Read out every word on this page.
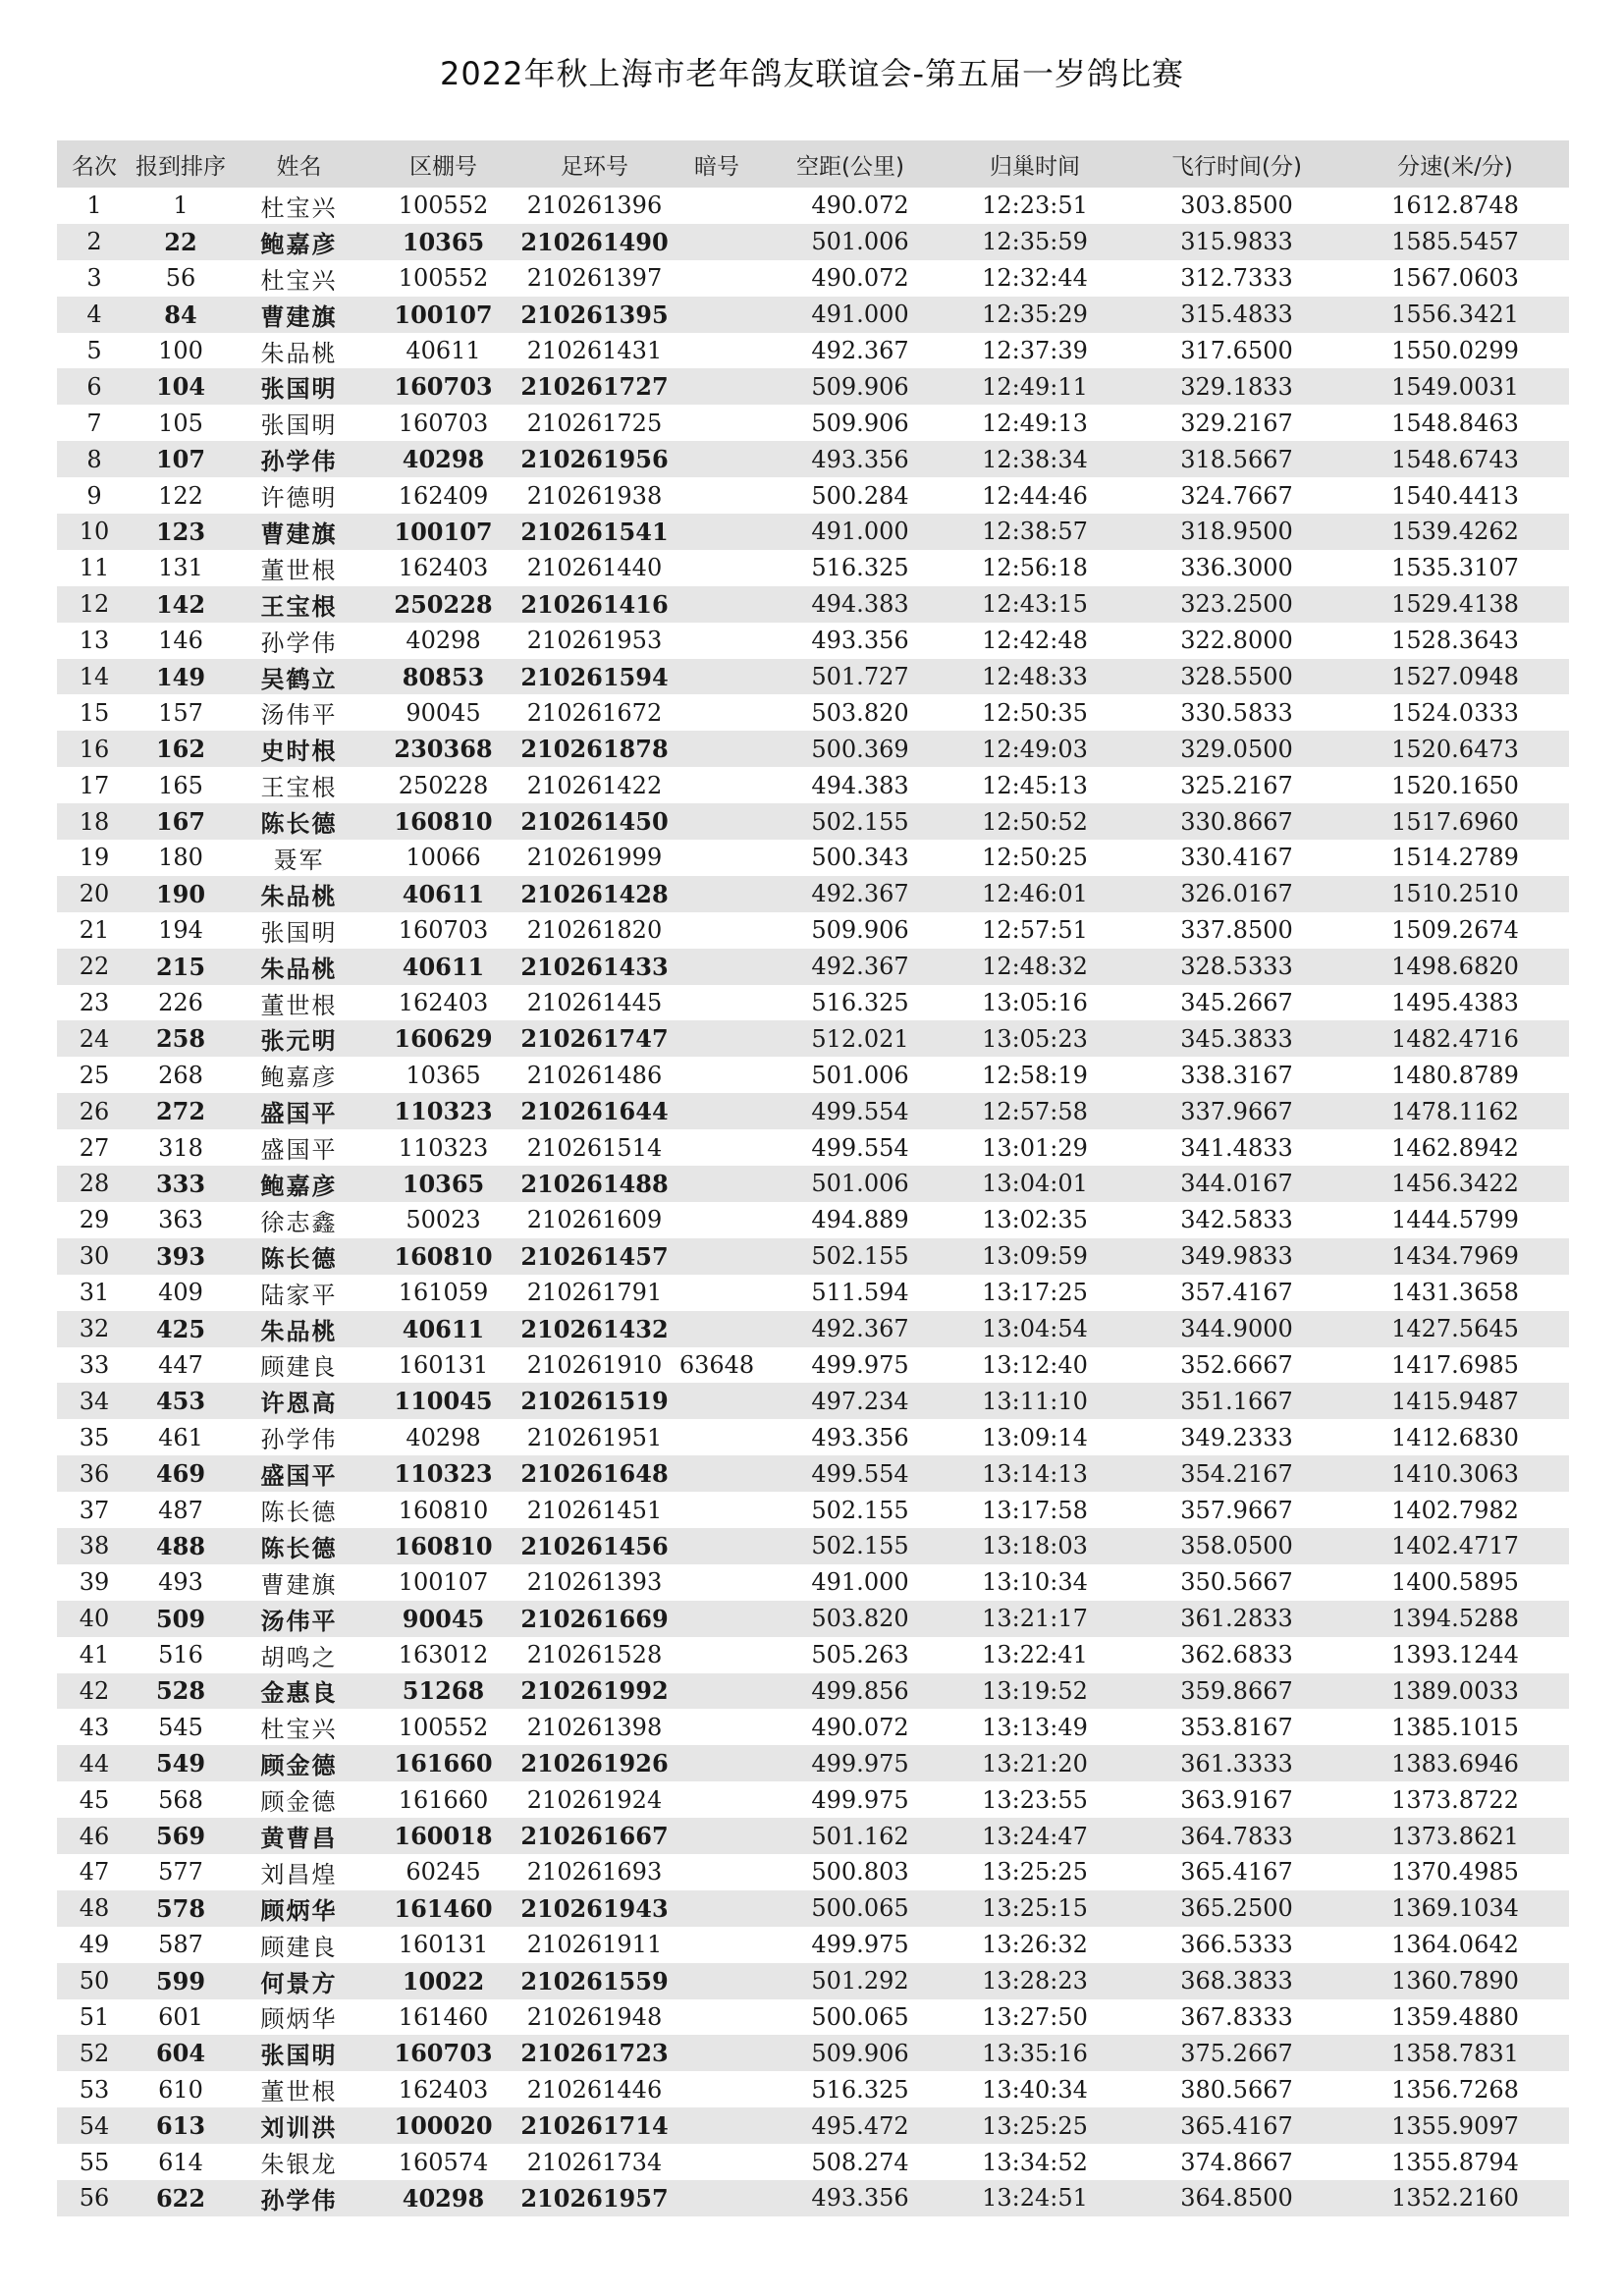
2022年秋上海市老年鸽友联谊会-第五届一岁鸽比赛
名次	报到排序	姓名	区棚号	足环号	暗号	空距(公里)	归巢时间	飞行时间(分)	分速(米/分)
1	1	杜宝兴	100552	210261396		490.072	12:23:51	303.8500	1612.8748
2	22	鲍嘉彦	10365	210261490		501.006	12:35:59	315.9833	1585.5457
3	56	杜宝兴	100552	210261397		490.072	12:32:44	312.7333	1567.0603
4	84	曹建旗	100107	210261395		491.000	12:35:29	315.4833	1556.3421
5	100	朱品桃	40611	210261431		492.367	12:37:39	317.6500	1550.0299
6	104	张国明	160703	210261727		509.906	12:49:11	329.1833	1549.0031
7	105	张国明	160703	210261725		509.906	12:49:13	329.2167	1548.8463
8	107	孙学伟	40298	210261956		493.356	12:38:34	318.5667	1548.6743
9	122	许德明	162409	210261938		500.284	12:44:46	324.7667	1540.4413
10	123	曹建旗	100107	210261541		491.000	12:38:57	318.9500	1539.4262
11	131	董世根	162403	210261440		516.325	12:56:18	336.3000	1535.3107
12	142	王宝根	250228	210261416		494.383	12:43:15	323.2500	1529.4138
13	146	孙学伟	40298	210261953		493.356	12:42:48	322.8000	1528.3643
14	149	吴鹤立	80853	210261594		501.727	12:48:33	328.5500	1527.0948
15	157	汤伟平	90045	210261672		503.820	12:50:35	330.5833	1524.0333
16	162	史时根	230368	210261878		500.369	12:49:03	329.0500	1520.6473
17	165	王宝根	250228	210261422		494.383	12:45:13	325.2167	1520.1650
18	167	陈长德	160810	210261450		502.155	12:50:52	330.8667	1517.6960
19	180	聂军	10066	210261999		500.343	12:50:25	330.4167	1514.2789
20	190	朱品桃	40611	210261428		492.367	12:46:01	326.0167	1510.2510
21	194	张国明	160703	210261820		509.906	12:57:51	337.8500	1509.2674
22	215	朱品桃	40611	210261433		492.367	12:48:32	328.5333	1498.6820
23	226	董世根	162403	210261445		516.325	13:05:16	345.2667	1495.4383
24	258	张元明	160629	210261747		512.021	13:05:23	345.3833	1482.4716
25	268	鲍嘉彦	10365	210261486		501.006	12:58:19	338.3167	1480.8789
26	272	盛国平	110323	210261644		499.554	12:57:58	337.9667	1478.1162
27	318	盛国平	110323	210261514		499.554	13:01:29	341.4833	1462.8942
28	333	鲍嘉彦	10365	210261488		501.006	13:04:01	344.0167	1456.3422
29	363	徐志鑫	50023	210261609		494.889	13:02:35	342.5833	1444.5799
30	393	陈长德	160810	210261457		502.155	13:09:59	349.9833	1434.7969
31	409	陆家平	161059	210261791		511.594	13:17:25	357.4167	1431.3658
32	425	朱品桃	40611	210261432		492.367	13:04:54	344.9000	1427.5645
33	447	顾建良	160131	210261910	63648	499.975	13:12:40	352.6667	1417.6985
34	453	许恩高	110045	210261519		497.234	13:11:10	351.1667	1415.9487
35	461	孙学伟	40298	210261951		493.356	13:09:14	349.2333	1412.6830
36	469	盛国平	110323	210261648		499.554	13:14:13	354.2167	1410.3063
37	487	陈长德	160810	210261451		502.155	13:17:58	357.9667	1402.7982
38	488	陈长德	160810	210261456		502.155	13:18:03	358.0500	1402.4717
39	493	曹建旗	100107	210261393		491.000	13:10:34	350.5667	1400.5895
40	509	汤伟平	90045	210261669		503.820	13:21:17	361.2833	1394.5288
41	516	胡鸣之	163012	210261528		505.263	13:22:41	362.6833	1393.1244
42	528	金惠良	51268	210261992		499.856	13:19:52	359.8667	1389.0033
43	545	杜宝兴	100552	210261398		490.072	13:13:49	353.8167	1385.1015
44	549	顾金德	161660	210261926		499.975	13:21:20	361.3333	1383.6946
45	568	顾金德	161660	210261924		499.975	13:23:55	363.9167	1373.8722
46	569	黄曹昌	160018	210261667		501.162	13:24:47	364.7833	1373.8621
47	577	刘昌煌	60245	210261693		500.803	13:25:25	365.4167	1370.4985
48	578	顾炳华	161460	210261943		500.065	13:25:15	365.2500	1369.1034
49	587	顾建良	160131	210261911		499.975	13:26:32	366.5333	1364.0642
50	599	何景方	10022	210261559		501.292	13:28:23	368.3833	1360.7890
51	601	顾炳华	161460	210261948		500.065	13:27:50	367.8333	1359.4880
52	604	张国明	160703	210261723		509.906	13:35:16	375.2667	1358.7831
53	610	董世根	162403	210261446		516.325	13:40:34	380.5667	1356.7268
54	613	刘训洪	100020	210261714		495.472	13:25:25	365.4167	1355.9097
55	614	朱银龙	160574	210261734		508.274	13:34:52	374.8667	1355.8794
56	622	孙学伟	40298	210261957		493.356	13:24:51	364.8500	1352.2160
